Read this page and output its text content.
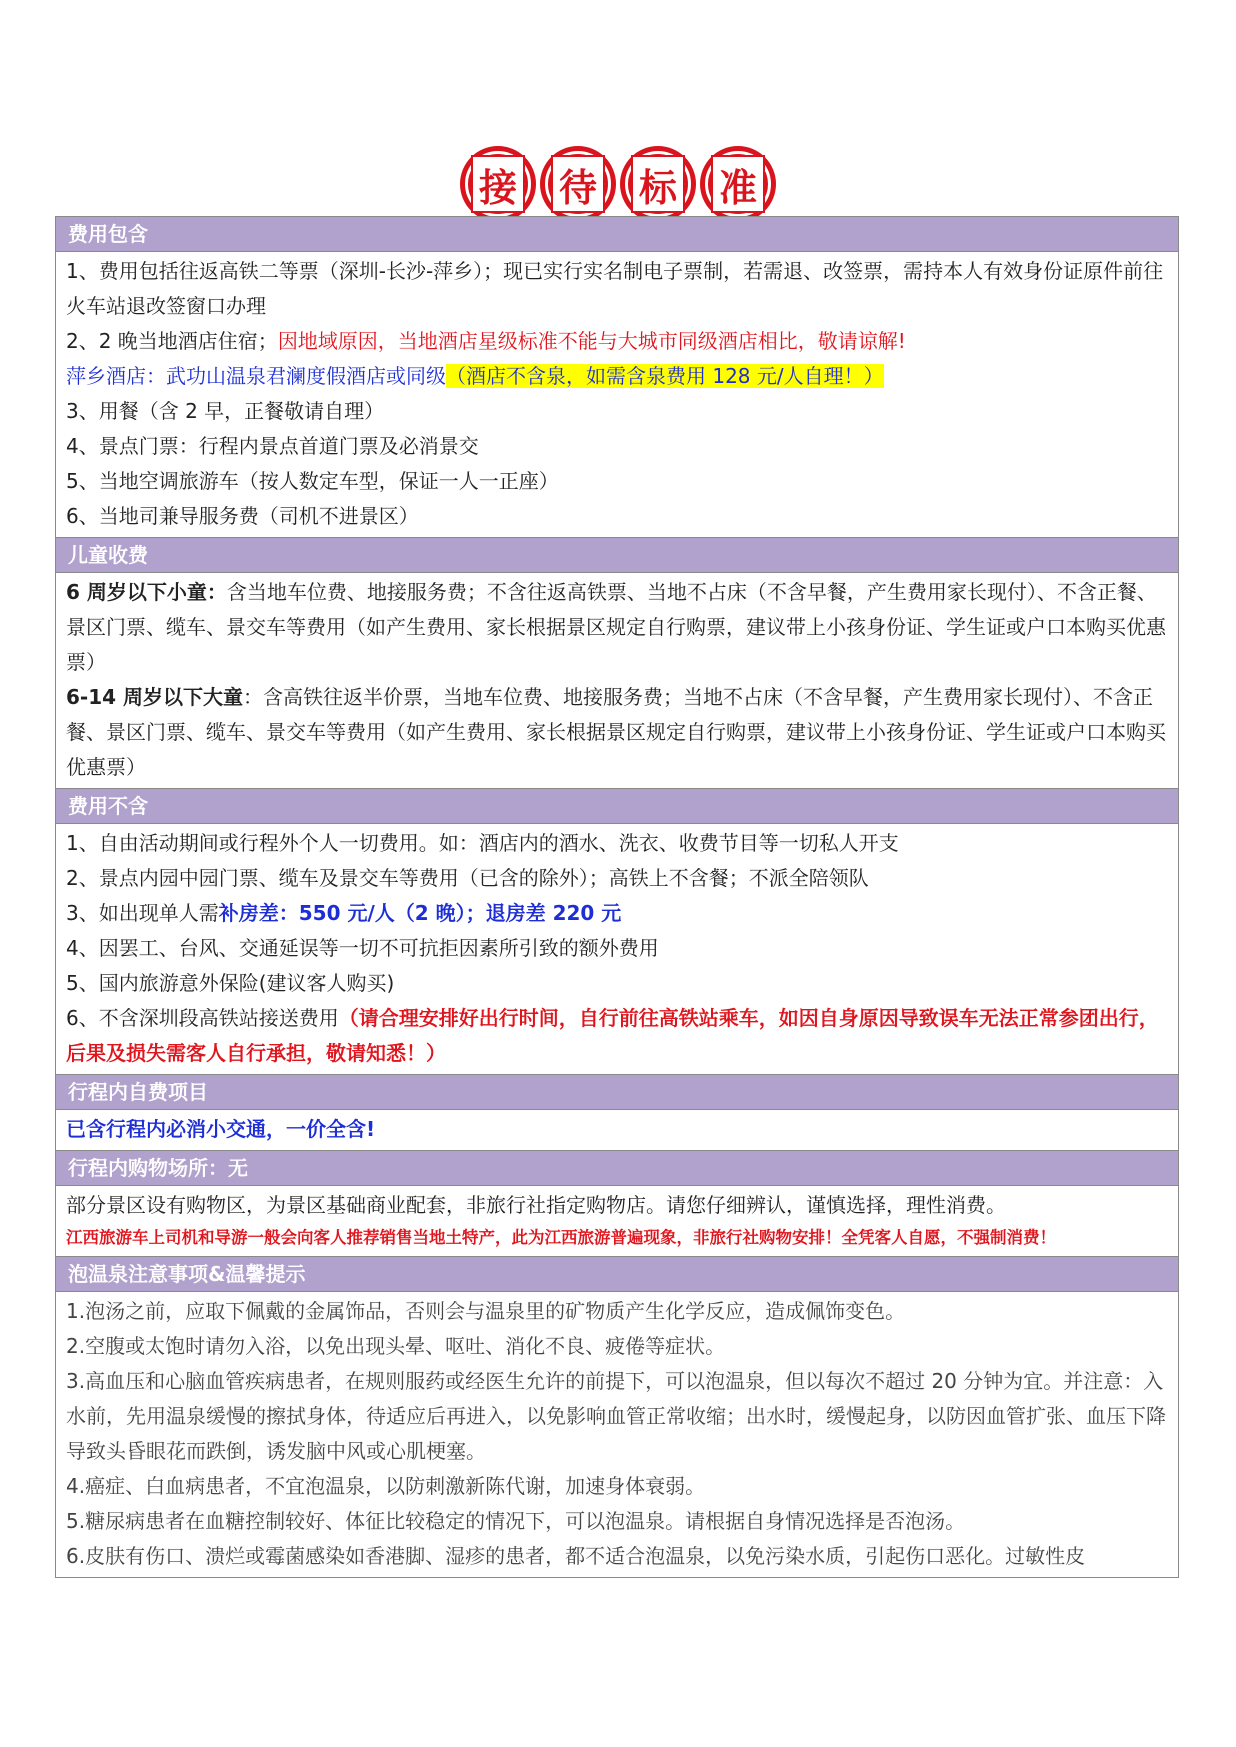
接 待 标 准
费用包含

1、费用包括往返高铁二等票（深圳-长沙-萍乡）；现已实行实名制电子票制，若需退、改签票，需持本人有效身份证原件前往火车站退改签窗口办理

2、2 晚当地酒店住宿；因地域原因，当地酒店星级标准不能与大城市同级酒店相比，敬请谅解!

萍乡酒店：武功山温泉君澜度假酒店或同级（酒店不含泉，如需含泉费用 128 元/人自理！）

3、用餐（含 2 早，正餐敬请自理）

4、景点门票：行程内景点首道门票及必消景交

5、当地空调旅游车（按人数定车型，保证一人一正座）

6、当地司兼导服务费（司机不进景区）

儿童收费

6 周岁以下小童：含当地车位费、地接服务费；不含往返高铁票、当地不占床（不含早餐，产生费用家长现付）、不含正餐、景区门票、缆车、景交车等费用（如产生费用、家长根据景区规定自行购票，建议带上小孩身份证、学生证或户口本购买优惠票）

6-14 周岁以下大童：含高铁往返半价票，当地车位费、地接服务费；当地不占床（不含早餐，产生费用家长现付）、不含正餐、景区门票、缆车、景交车等费用（如产生费用、家长根据景区规定自行购票，建议带上小孩身份证、学生证或户口本购买优惠票）

费用不含

1、自由活动期间或行程外个人一切费用。如：酒店内的酒水、洗衣、收费节目等一切私人开支

2、景点内园中园门票、缆车及景交车等费用（已含的除外）；高铁上不含餐；不派全陪领队

3、如出现单人需补房差：550 元/人（2 晚）；退房差 220 元

4、因罢工、台风、交通延误等一切不可抗拒因素所引致的额外费用

5、国内旅游意外保险(建议客人购买)

6、不含深圳段高铁站接送费用（请合理安排好出行时间，自行前往高铁站乘车，如因自身原因导致误车无法正常参团出行，后果及损失需客人自行承担，敬请知悉！）

行程内自费项目

已含行程内必消小交通，一价全含!

行程内购物场所：无

部分景区设有购物区，为景区基础商业配套，非旅行社指定购物店。请您仔细辨认，谨慎选择，理性消费。

江西旅游车上司机和导游一般会向客人推荐销售当地土特产，此为江西旅游普遍现象，非旅行社购物安排！全凭客人自愿，不强制消费！

泡温泉注意事项&温馨提示

1.泡汤之前，应取下佩戴的金属饰品，否则会与温泉里的矿物质产生化学反应，造成佩饰变色。

2.空腹或太饱时请勿入浴，以免出现头晕、呕吐、消化不良、疲倦等症状。

3.高血压和心脑血管疾病患者，在规则服药或经医生允许的前提下，可以泡温泉，但以每次不超过 20 分钟为宜。并注意：入水前，先用温泉缓慢的擦拭身体，待适应后再进入，以免影响血管正常收缩；出水时，缓慢起身，以防因血管扩张、血压下降导致头昏眼花而跌倒，诱发脑中风或心肌梗塞。

4.癌症、白血病患者，不宜泡温泉，以防刺激新陈代谢，加速身体衰弱。

5.糖尿病患者在血糖控制较好、体征比较稳定的情况下，可以泡温泉。请根据自身情况选择是否泡汤。

6.皮肤有伤口、溃烂或霉菌感染如香港脚、湿疹的患者，都不适合泡温泉，以免污染水质，引起伤口恶化。过敏性皮
